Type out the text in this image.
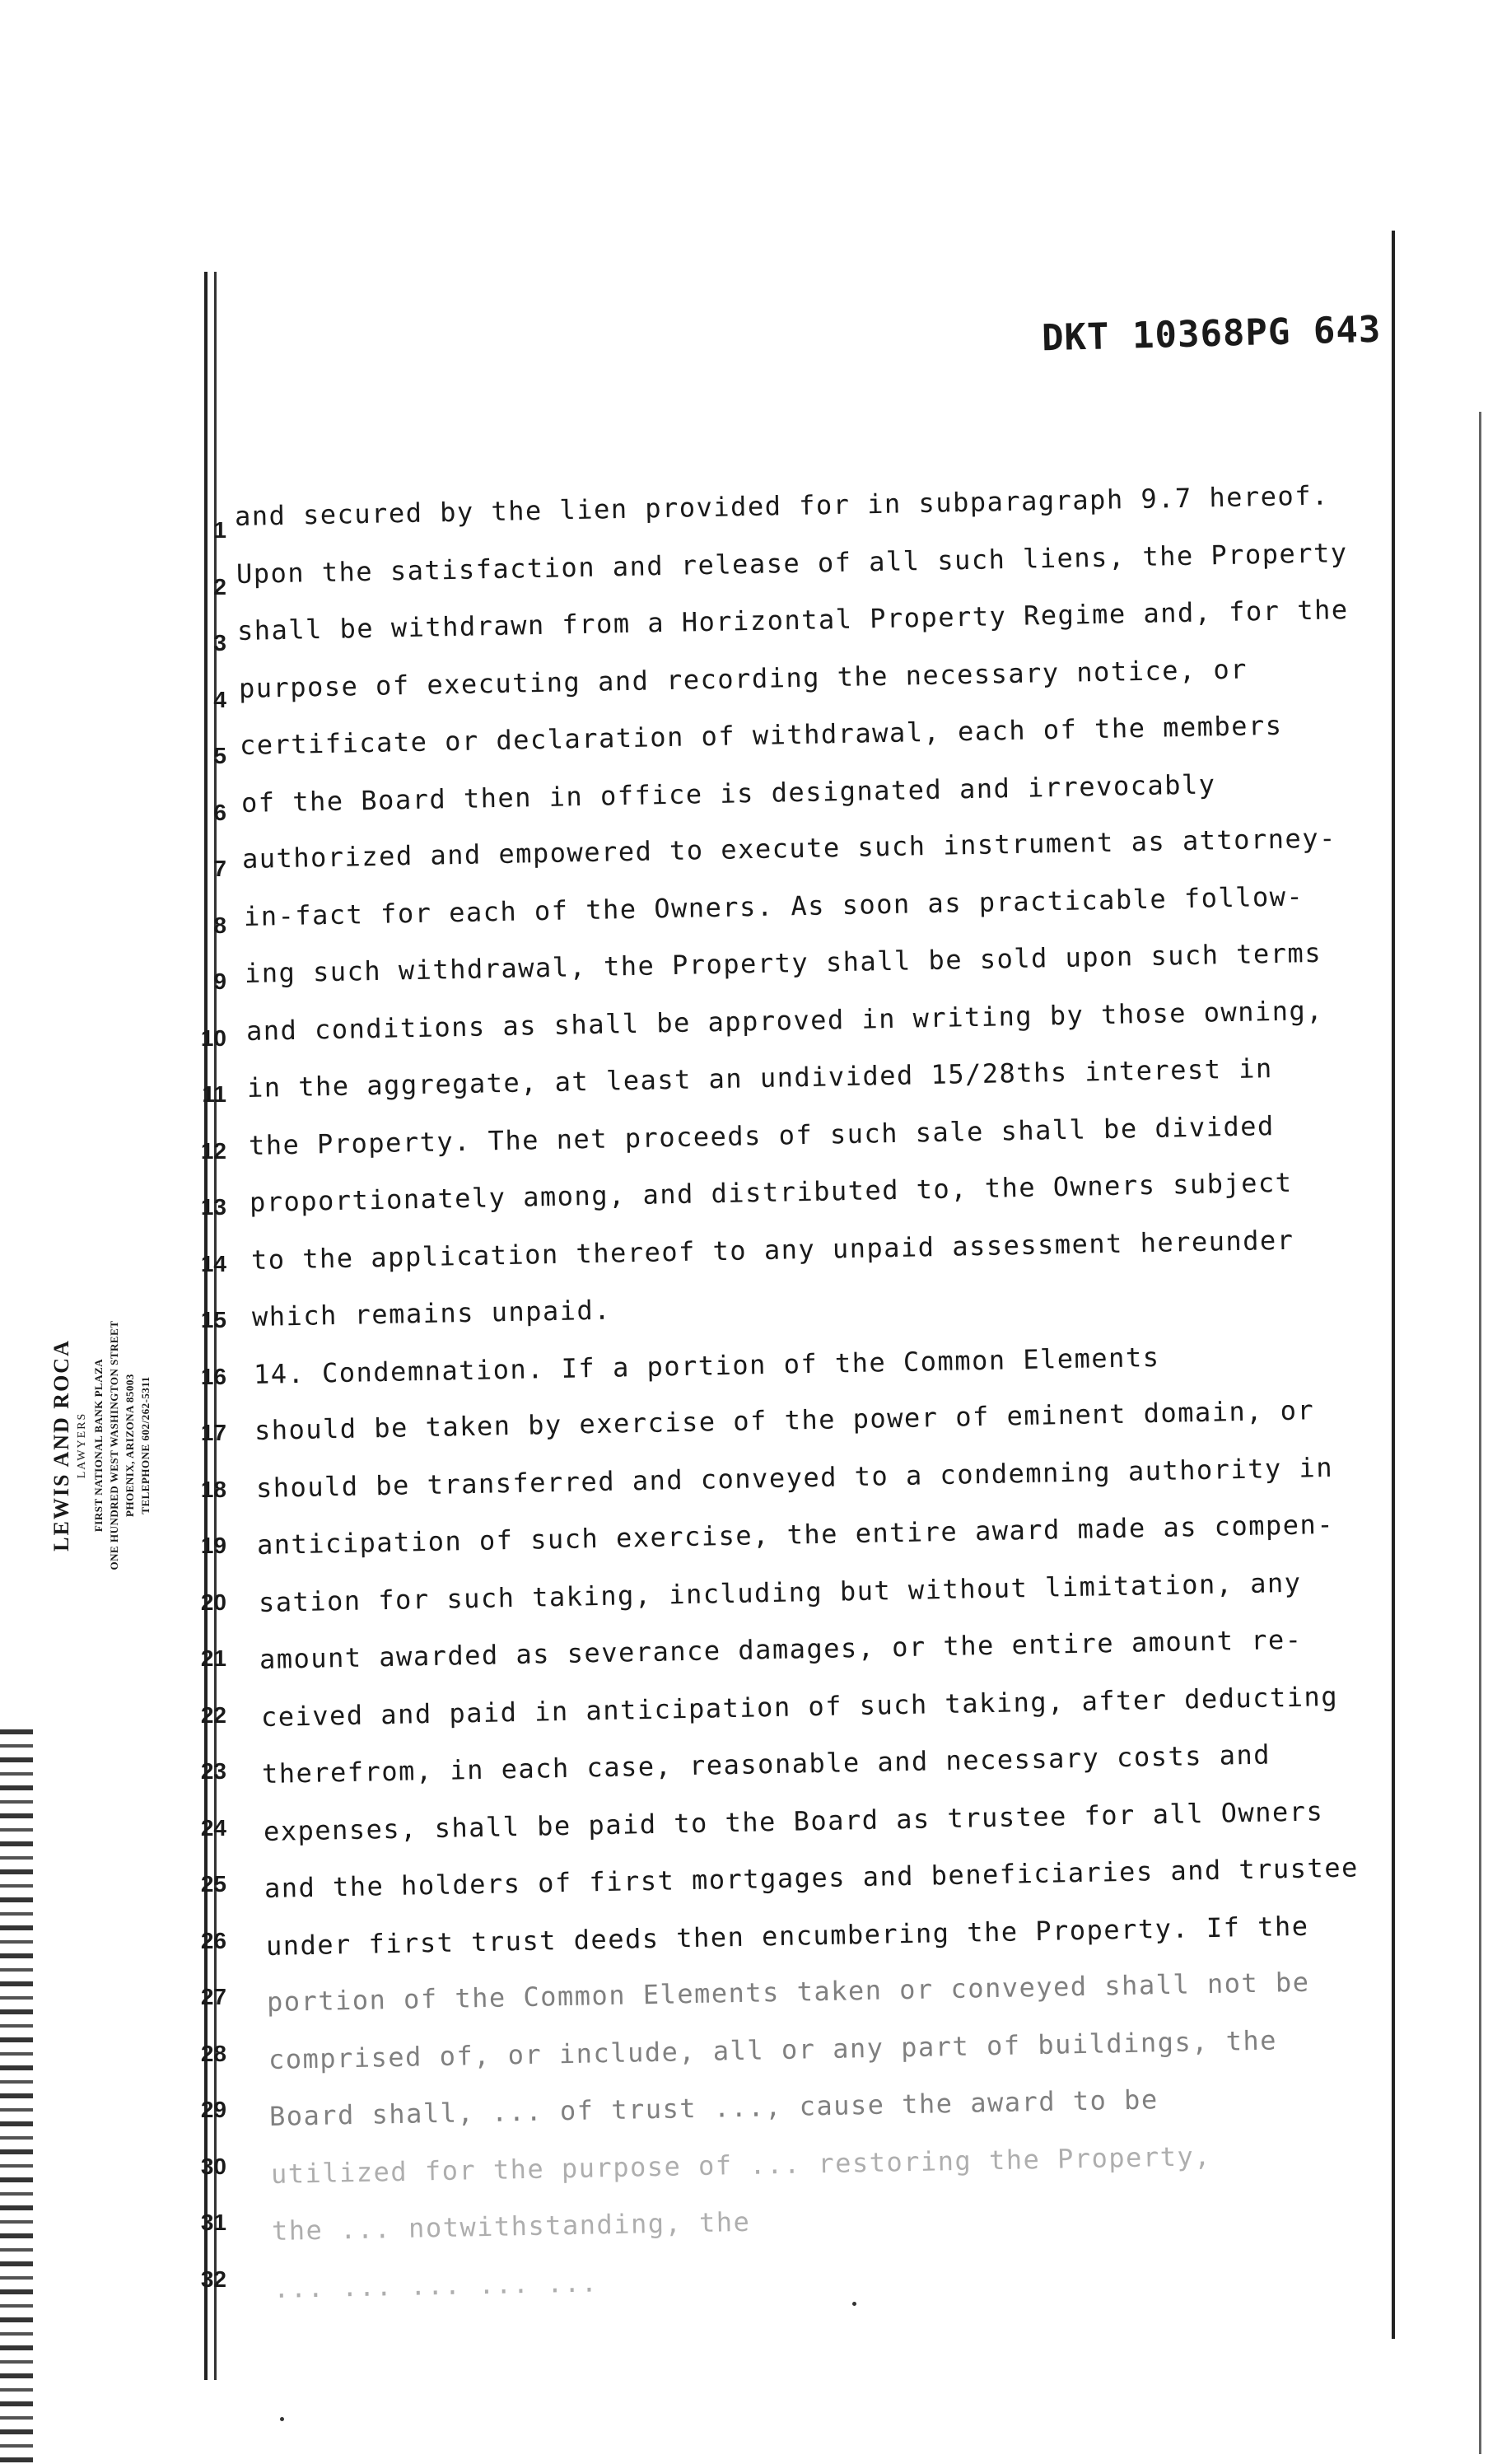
DKT 10368PG 643
LEWIS AND ROCA LAWYERS FIRST NATIONAL BANK PLAZA ONE HUNDRED WEST WASHINGTON STREET PHOENIX, ARIZONA 85003 TELEPHONE 602/262-5311
1 and secured by the lien provided for in subparagraph 9.7 hereof.
2 Upon the satisfaction and release of all such liens, the Property
3 shall be withdrawn from a Horizontal Property Regime and, for the
4 purpose of executing and recording the necessary notice, or
5 certificate or declaration of withdrawal, each of the members
6 of the Board then in office is designated and irrevocably
7 authorized and empowered to execute such instrument as attorney-
8 in-fact for each of the Owners. As soon as practicable follow-
9 ing such withdrawal, the Property shall be sold upon such terms
10 and conditions as shall be approved in writing by those owning,
11 in the aggregate, at least an undivided 15/28ths interest in
12 the Property. The net proceeds of such sale shall be divided
13 proportionately among, and distributed to, the Owners subject
14 to the application thereof to any unpaid assessment hereunder
15 which remains unpaid.
16 14. Condemnation. If a portion of the Common Elements
17 should be taken by exercise of the power of eminent domain, or
18 should be transferred and conveyed to a condemning authority in
19 anticipation of such exercise, the entire award made as compen-
20 sation for such taking, including but without limitation, any
21 amount awarded as severance damages, or the entire amount re-
22 ceived and paid in anticipation of such taking, after deducting
23 therefrom, in each case, reasonable and necessary costs and
24 expenses, shall be paid to the Board as trustee for all Owners
25 and the holders of first mortgages and beneficiaries and trustee
26 under first trust deeds then encumbering the Property. If the
27 portion of the Common Elements taken or conveyed shall not be
28 comprised of, or include, all or any part of buildings, the
29 Board shall, ... of trust ..., cause the award to be
30 utilized for the purpose of ... restoring the Property,
31 the ... notwithstanding, the
32 ... ... ... ... ...
